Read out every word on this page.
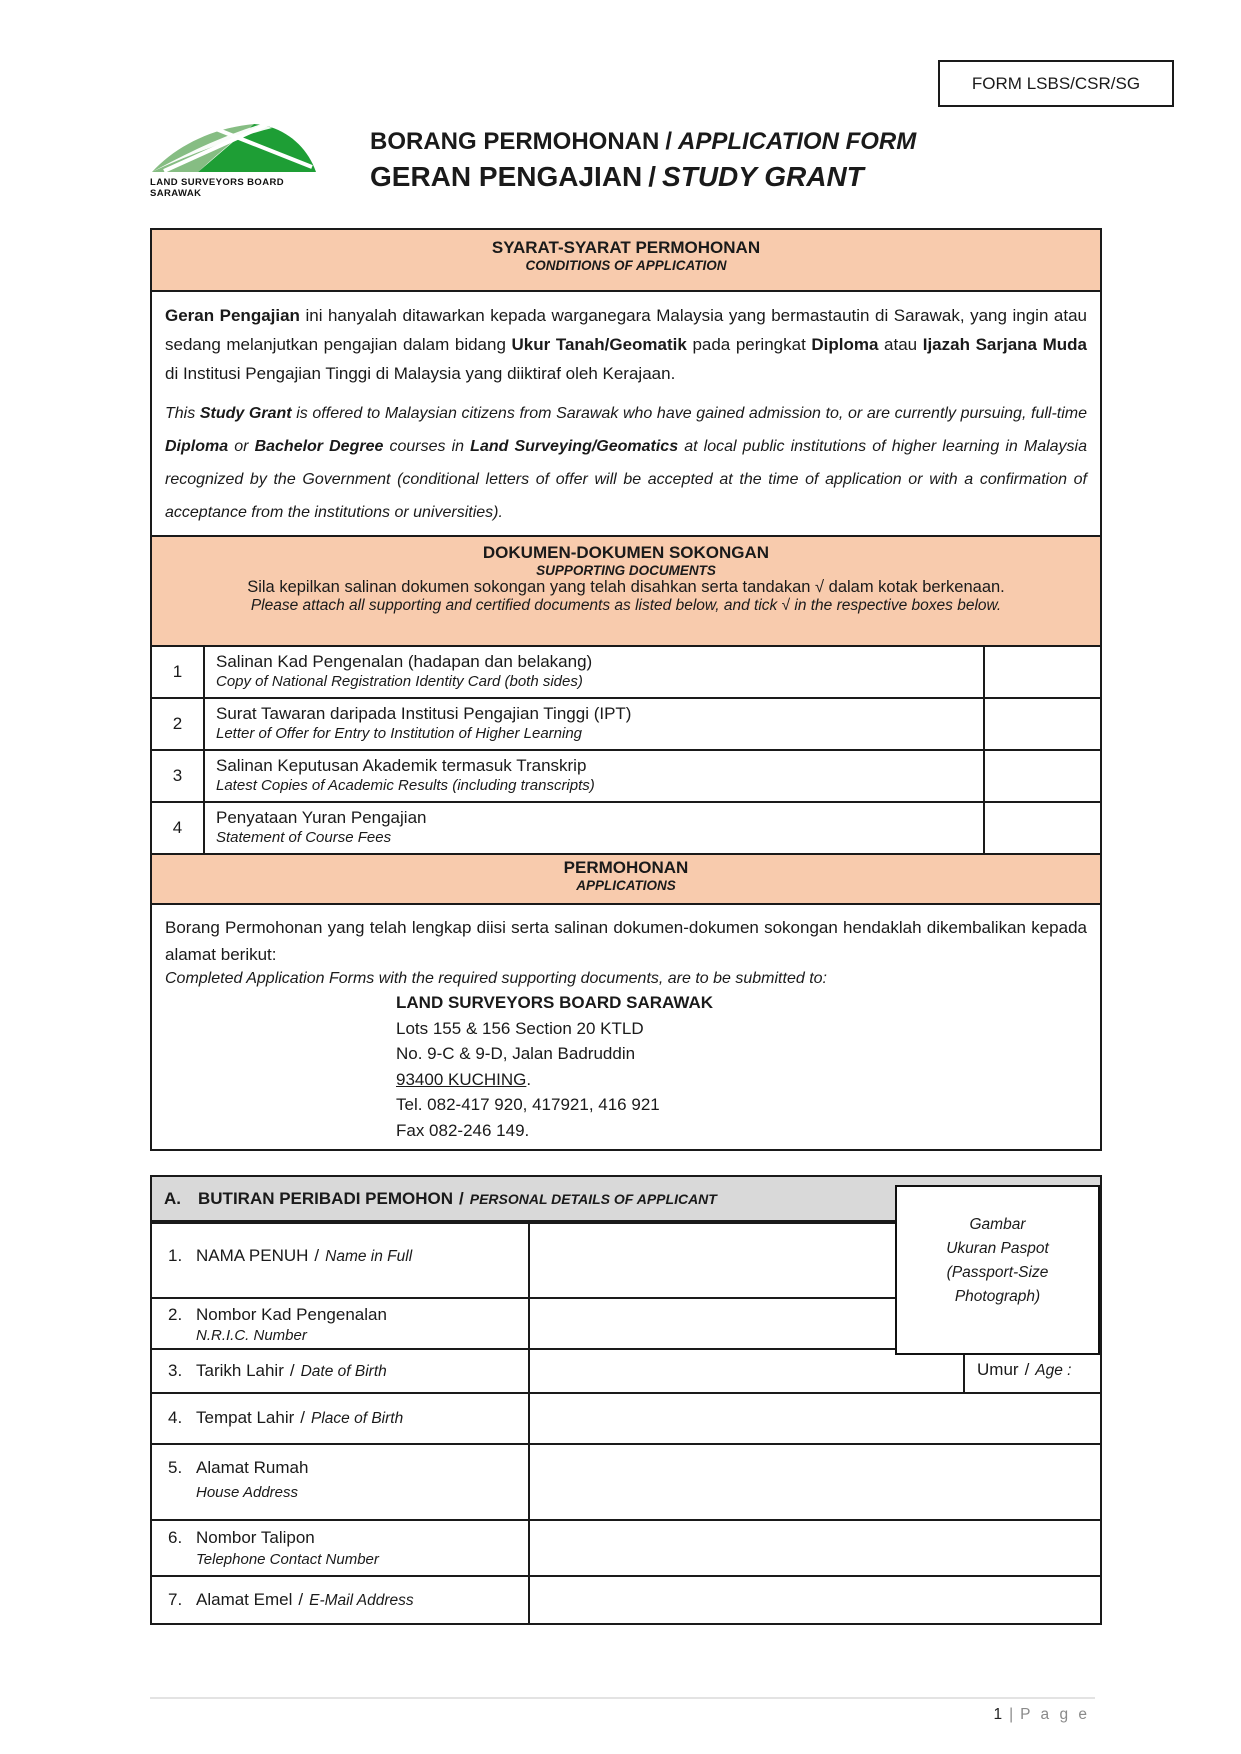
FORM LSBS/CSR/SG
LAND SURVEYORS BOARD SARAWAK
BORANG PERMOHONAN / APPLICATION FORM
GERAN PENGAJIAN / STUDY GRANT
SYARAT-SYARAT PERMOHONAN
CONDITIONS OF APPLICATION

Geran Pengajian ini hanyalah ditawarkan kepada warganegara Malaysia yang bermastautin di Sarawak, yang ingin atau sedang melanjutkan pengajian dalam bidang Ukur Tanah/Geomatik pada peringkat Diploma atau Ijazah Sarjana Muda di Institusi Pengajian Tinggi di Malaysia yang diiktiraf oleh Kerajaan.

This Study Grant is offered to Malaysian citizens from Sarawak who have gained admission to, or are currently pursuing, full-time Diploma or Bachelor Degree courses in Land Surveying/Geomatics at local public institutions of higher learning in Malaysia recognized by the Government (conditional letters of offer will be accepted at the time of application or with a confirmation of acceptance from the institutions or universities).

DOKUMEN-DOKUMEN SOKONGAN
SUPPORTING DOCUMENTS
Sila kepilkan salinan dokumen sokongan yang telah disahkan serta tandakan √ dalam kotak berkenaan.
Please attach all supporting and certified documents as listed below, and tick √ in the respective boxes below.
1
Salinan Kad Pengenalan (hadapan dan belakang)
Copy of National Registration Identity Card (both sides)
2
Surat Tawaran daripada Institusi Pengajian Tinggi (IPT)
Letter of Offer for Entry to Institution of Higher Learning
3
Salinan Keputusan Akademik termasuk Transkrip
Latest Copies of Academic Results (including transcripts)
4
Penyataan Yuran Pengajian
Statement of Course Fees
PERMOHONAN
APPLICATIONS

Borang Permohonan yang telah lengkap diisi serta salinan dokumen-dokumen sokongan hendaklah dikembalikan kepada alamat berikut:

Completed Application Forms with the required supporting documents, are to be submitted to:

LAND SURVEYORS BOARD SARAWAK
Lots 155 & 156 Section 20 KTLD
No. 9-C & 9-D, Jalan Badruddin
93400 KUCHING.
Tel. 082-417 920, 417921, 416 921
Fax 082-246 149.
A.	BUTIRAN PERIBADI PEMOHON / PERSONAL DETAILS OF APPLICANT
Gambar
Ukuran Paspot
(Passport-Size
Photograph)
1. NAMA PENUH / Name in Full
2. Nombor Kad Pengenalan
N.R.I.C. Number
3. Tarikh Lahir / Date of Birth	Umur / Age :
4. Tempat Lahir / Place of Birth
5. Alamat Rumah
House Address
6. Nombor Talipon
Telephone Contact Number
7. Alamat Emel / E-Mail Address
1 | P a g e
